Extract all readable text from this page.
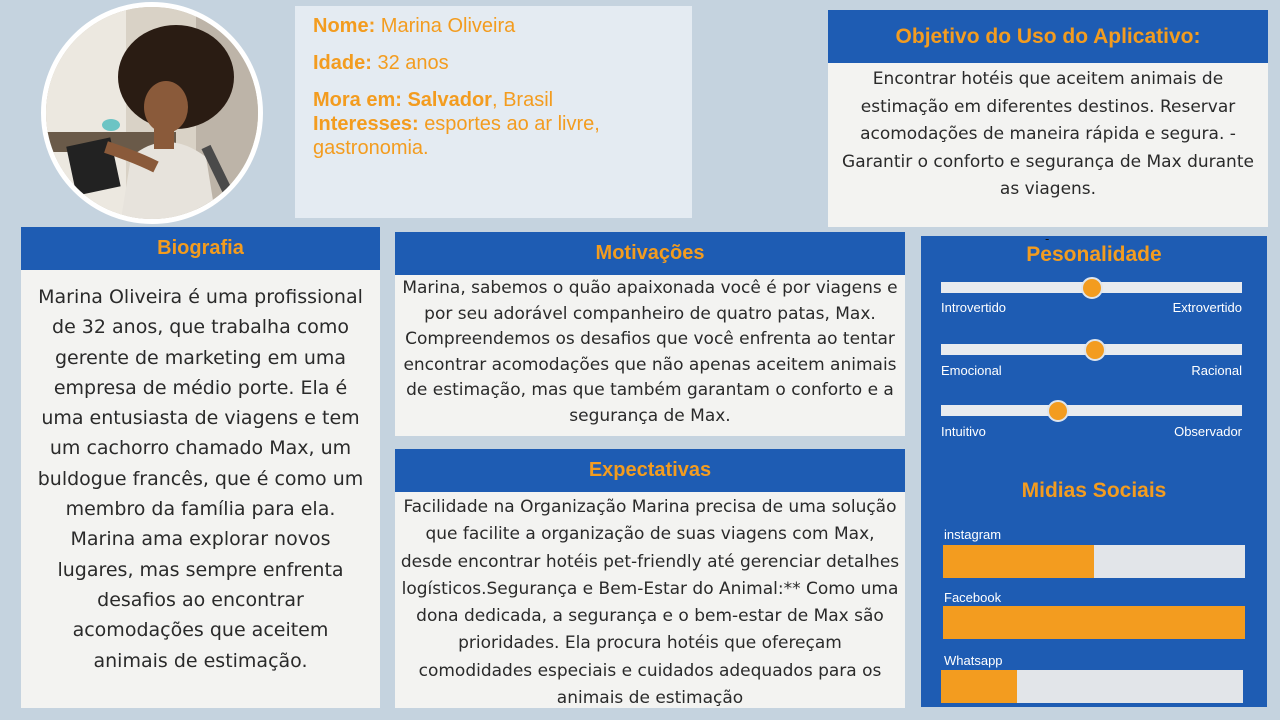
Nome: Marina Oliveira
Idade: 32 anos
Mora em: Salvador, Brasil
Interesses: esportes ao ar livre, gastronomia.
Objetivo do Uso do Aplicativo:
Encontrar hotéis que aceitem animais de estimação em diferentes destinos. Reservar acomodações de maneira rápida e segura. - Garantir o conforto e segurança de Max durante as viagens.
Biografia
Marina Oliveira é uma profissional de 32 anos, que trabalha como gerente de marketing em uma empresa de médio porte. Ela é uma entusiasta de viagens e tem um cachorro chamado Max, um buldogue francês, que é como um membro da família para ela. Marina ama explorar novos lugares, mas sempre enfrenta desafios ao encontrar acomodações que aceitem animais de estimação.
Motivações
Marina, sabemos o quão apaixonada você é por viagens e por seu adorável companheiro de quatro patas, Max. Compreendemos os desafios que você enfrenta ao tentar encontrar acomodações que não apenas aceitem animais de estimação, mas que também garantam o conforto e a segurança de Max.
Expectativas
Facilidade na Organização Marina precisa de uma solução que facilite a organização de suas viagens com Max, desde encontrar hotéis pet-friendly até gerenciar detalhes logísticos.Segurança e Bem-Estar do Animal:** Como uma dona dedicada, a segurança e o bem-estar de Max são prioridades. Ela procura hotéis que ofereçam comodidades especiais e cuidados adequados para os animais de estimação
-
Pesonalidade
Introvertido	Extrovertido
Emocional	Racional
Intuitivo	Observador
Midias Sociais
instagram
Facebook
Whatsapp
